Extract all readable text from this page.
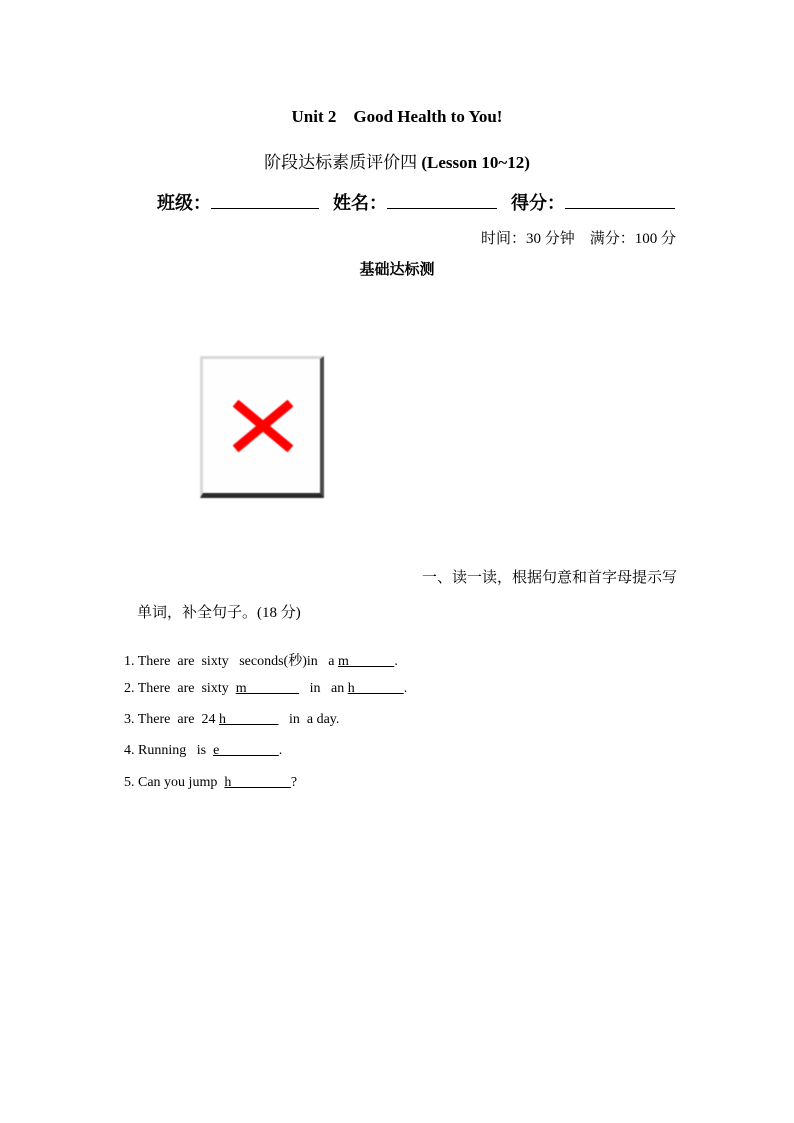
Unit 2    Good Health to You!
阶段达标素质评价四 (Lesson 10~12)
班级：	姓名：	得分：
时间：30 分钟    满分：100 分
基础达标测
一、读一读，根据句意和首字母提示写
单词，补全句子。(18 分)

1. There  are  sixty   seconds(秒)in   a m             .

2. There  are  sixty  m                  in   an h              .

3. There  are  24 h                  in  a day.

4. Running   is  e                 .

5. Can you jump  h                 ?
